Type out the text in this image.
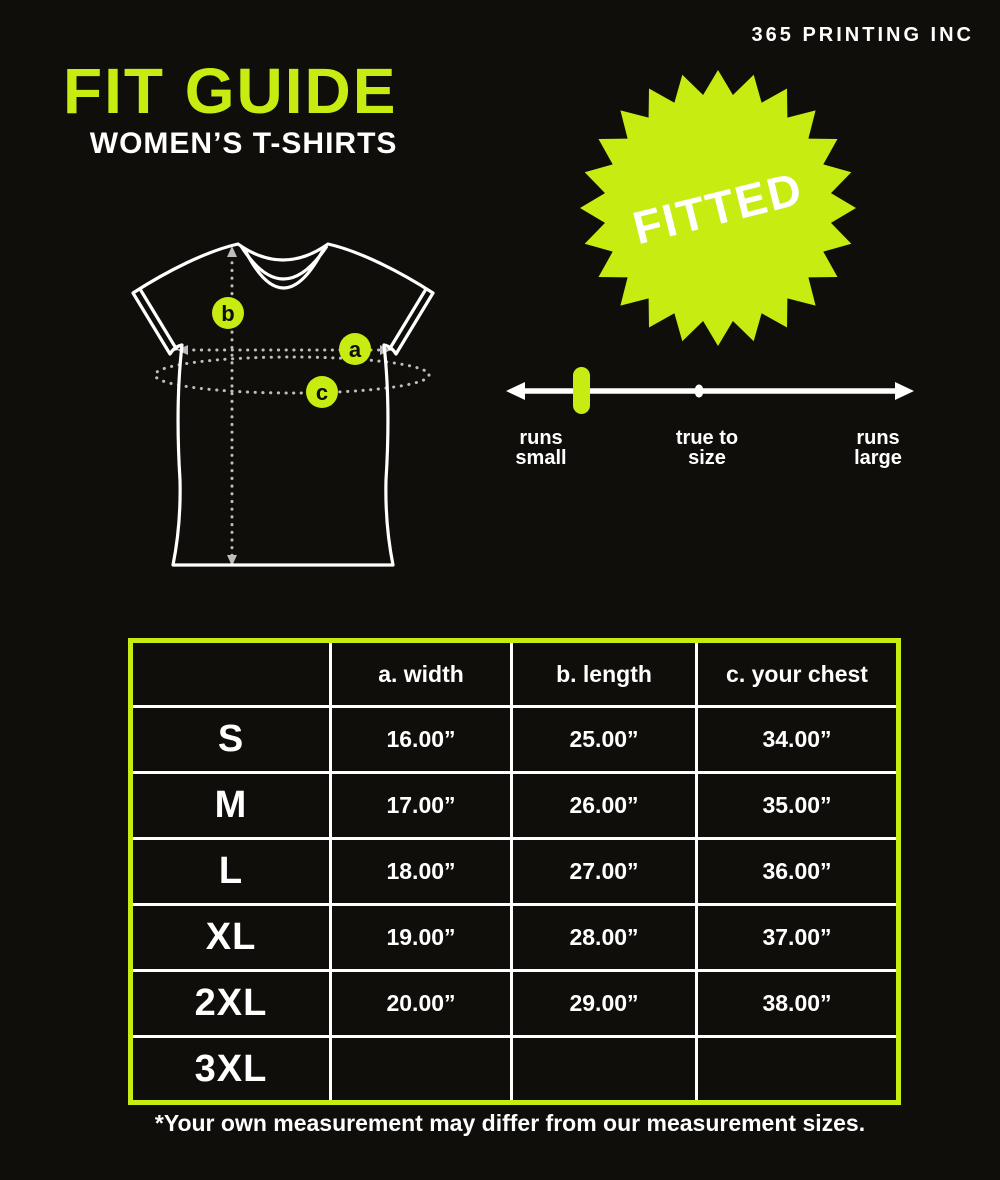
365 PRINTING INC
FIT GUIDE
WOMEN’S T-SHIRTS
FITTED
b
a
c
runs
small
true to
size
runs
large
	a. width	b. length	c. your chest
S	16.00”	25.00”	34.00”
M	17.00”	26.00”	35.00”
L	18.00”	27.00”	36.00”
XL	19.00”	28.00”	37.00”
2XL	20.00”	29.00”	38.00”
3XL			
*Your own measurement may differ from our measurement sizes.
